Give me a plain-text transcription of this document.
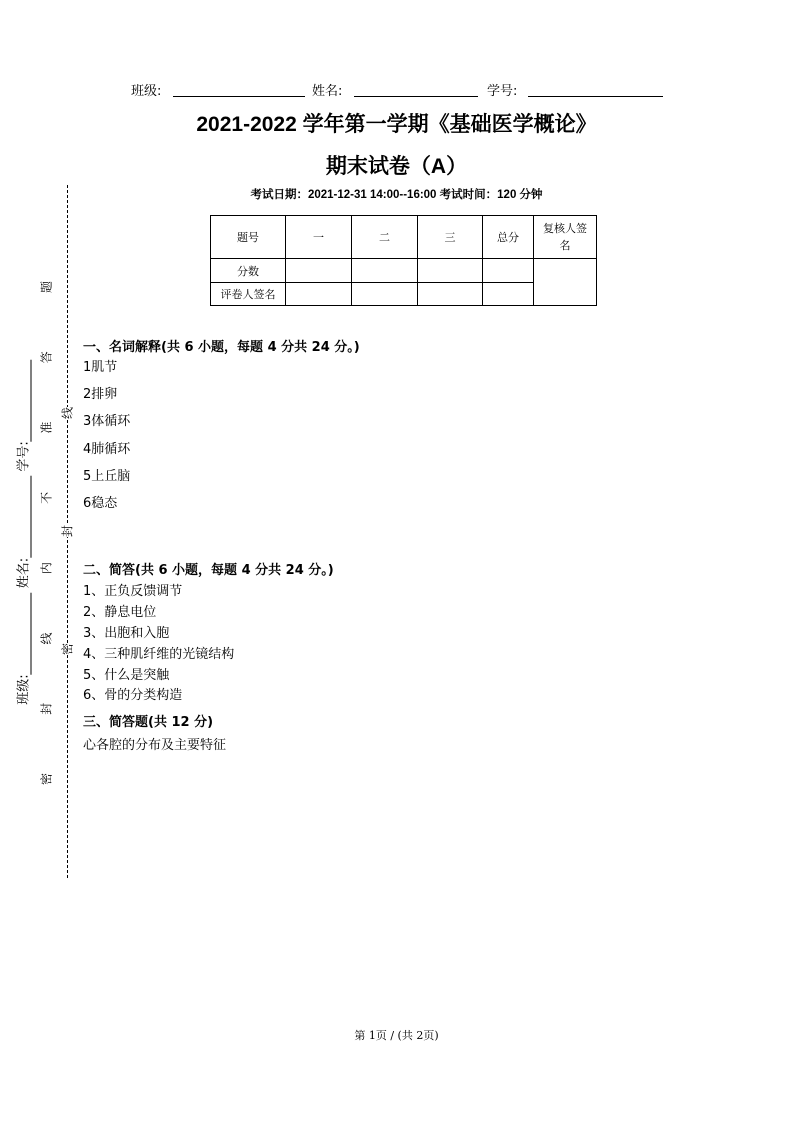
班级:	姓名:	学号:
2021-2022 学年第一学期《基础医学概论》
期末试卷（A）
考试日期：2021-12-31 14:00--16:00 考试时间：120 分钟
题号	一	二	三	总分	复核人签名
分数					
评卷人签名					
班级: 姓名: 学号:
密
封
线
内
不
准
答
题
密
封
线
一、名词解释(共 6 小题，每题 4 分共 24 分。)
1肌节
2排卵
3体循环
4肺循环
5上丘脑
6稳态
二、简答(共 6 小题，每题 4 分共 24 分。)
1、正负反馈调节
2、静息电位
3、出胞和入胞
4、三种肌纤维的光镜结构
5、什么是突触
6、骨的分类构造
三、简答题(共 12 分)
心各腔的分布及主要特征
第 1页 / (共 2页)
